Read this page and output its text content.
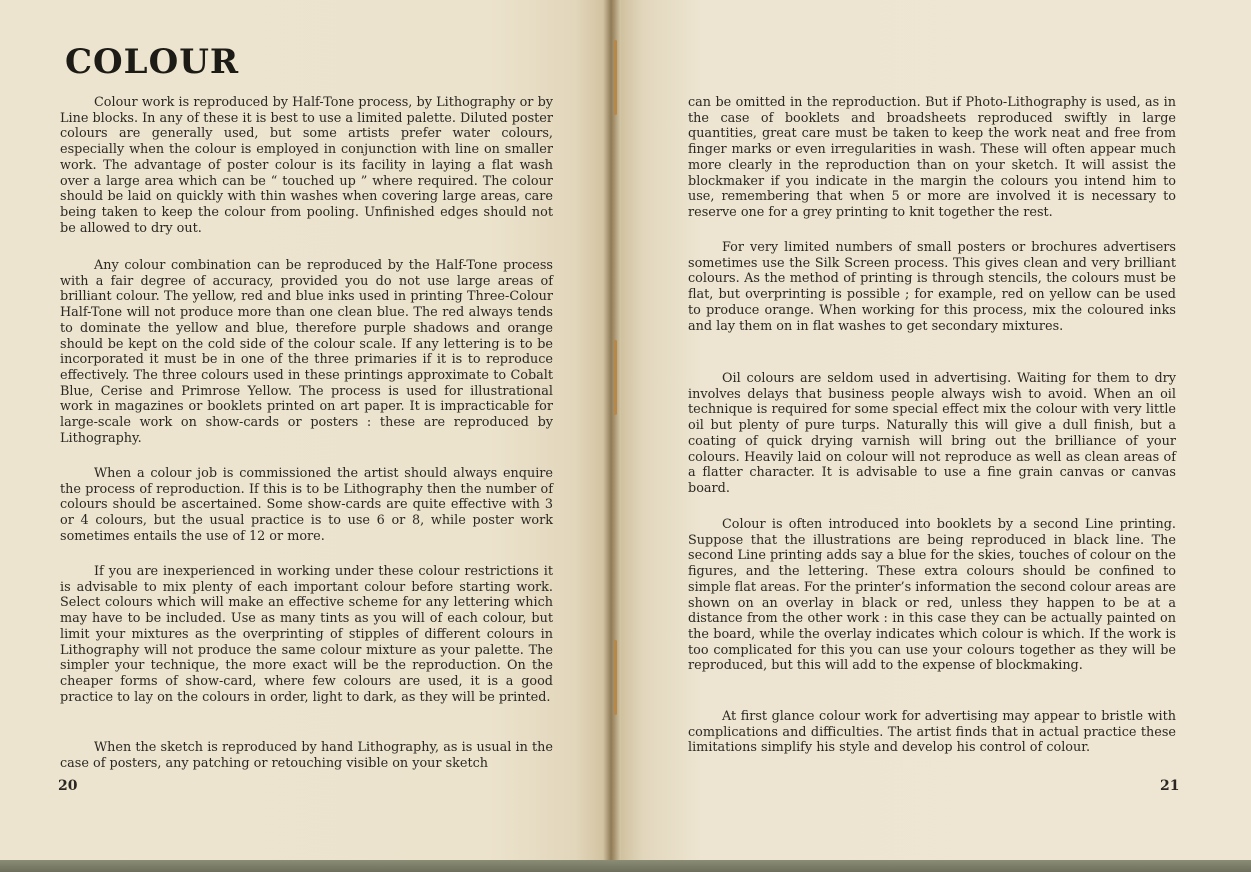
COLOUR

Colour work is reproduced by Half-Tone process, by Lithography or by Line blocks. In any of these it is best to use a limited palette. Diluted poster colours are generally used, but some artists prefer water colours, especially when the colour is employed in conjunction with line on smaller work. The advantage of poster colour is its facility in laying a flat wash over a large area which can be “ touched up ” where required. The colour should be laid on quickly with thin washes when covering large areas, care being taken to keep the colour from pooling. Unfinished edges should not be allowed to dry out.

Any colour combination can be reproduced by the Half-Tone process with a fair degree of accuracy, provided you do not use large areas of brilliant colour. The yellow, red and blue inks used in printing Three-Colour Half-Tone will not produce more than one clean blue. The red always tends to dominate the yellow and blue, therefore purple shadows and orange should be kept on the cold side of the colour scale. If any lettering is to be incorporated it must be in one of the three primaries if it is to reproduce effectively. The three colours used in these printings approximate to Cobalt Blue, Cerise and Primrose Yellow. The process is used for illustrational work in magazines or booklets printed on art paper. It is impracticable for large-scale work on show-cards or posters : these are reproduced by Lithography.

When a colour job is commissioned the artist should always enquire the process of reproduction. If this is to be Lithography then the number of colours should be ascertained. Some show-cards are quite effective with 3 or 4 colours, but the usual practice is to use 6 or 8, while poster work sometimes entails the use of 12 or more.

If you are inexperienced in working under these colour restrictions it is advisable to mix plenty of each important colour before starting work. Select colours which will make an effective scheme for any lettering which may have to be included. Use as many tints as you will of each colour, but limit your mixtures as the overprinting of stipples of different colours in Lithography will not produce the same colour mixture as your palette. The simpler your technique, the more exact will be the reproduction. On the cheaper forms of show-card, where few colours are used, it is a good practice to lay on the colours in order, light to dark, as they will be printed.

When the sketch is reproduced by hand Lithography, as is usual in the case of posters, any patching or retouching visible on your sketch

20

can be omitted in the reproduction. But if Photo-Lithography is used, as in the case of booklets and broadsheets reproduced swiftly in large quantities, great care must be taken to keep the work neat and free from finger marks or even irregularities in wash. These will often appear much more clearly in the reproduction than on your sketch. It will assist the blockmaker if you indicate in the margin the colours you intend him to use, remembering that when 5 or more are involved it is necessary to reserve one for a grey printing to knit together the rest.

For very limited numbers of small posters or brochures advertisers sometimes use the Silk Screen process. This gives clean and very brilliant colours. As the method of printing is through stencils, the colours must be flat, but overprinting is possible ; for example, red on yellow can be used to produce orange. When working for this process, mix the coloured inks and lay them on in flat washes to get secondary mixtures.

Oil colours are seldom used in advertising. Waiting for them to dry involves delays that business people always wish to avoid. When an oil technique is required for some special effect mix the colour with very little oil but plenty of pure turps. Naturally this will give a dull finish, but a coating of quick drying varnish will bring out the brilliance of your colours. Heavily laid on colour will not reproduce as well as clean areas of a flatter character. It is advisable to use a fine grain canvas or canvas board.

Colour is often introduced into booklets by a second Line printing. Suppose that the illustrations are being reproduced in black line. The second Line printing adds say a blue for the skies, touches of colour on the figures, and the lettering. These extra colours should be confined to simple flat areas. For the printer’s information the second colour areas are shown on an overlay in black or red, unless they happen to be at a distance from the other work : in this case they can be actually painted on the board, while the overlay indicates which colour is which. If the work is too complicated for this you can use your colours together as they will be reproduced, but this will add to the expense of blockmaking.

At first glance colour work for advertising may appear to bristle with complications and difficulties. The artist finds that in actual practice these limitations simplify his style and develop his control of colour.

21
